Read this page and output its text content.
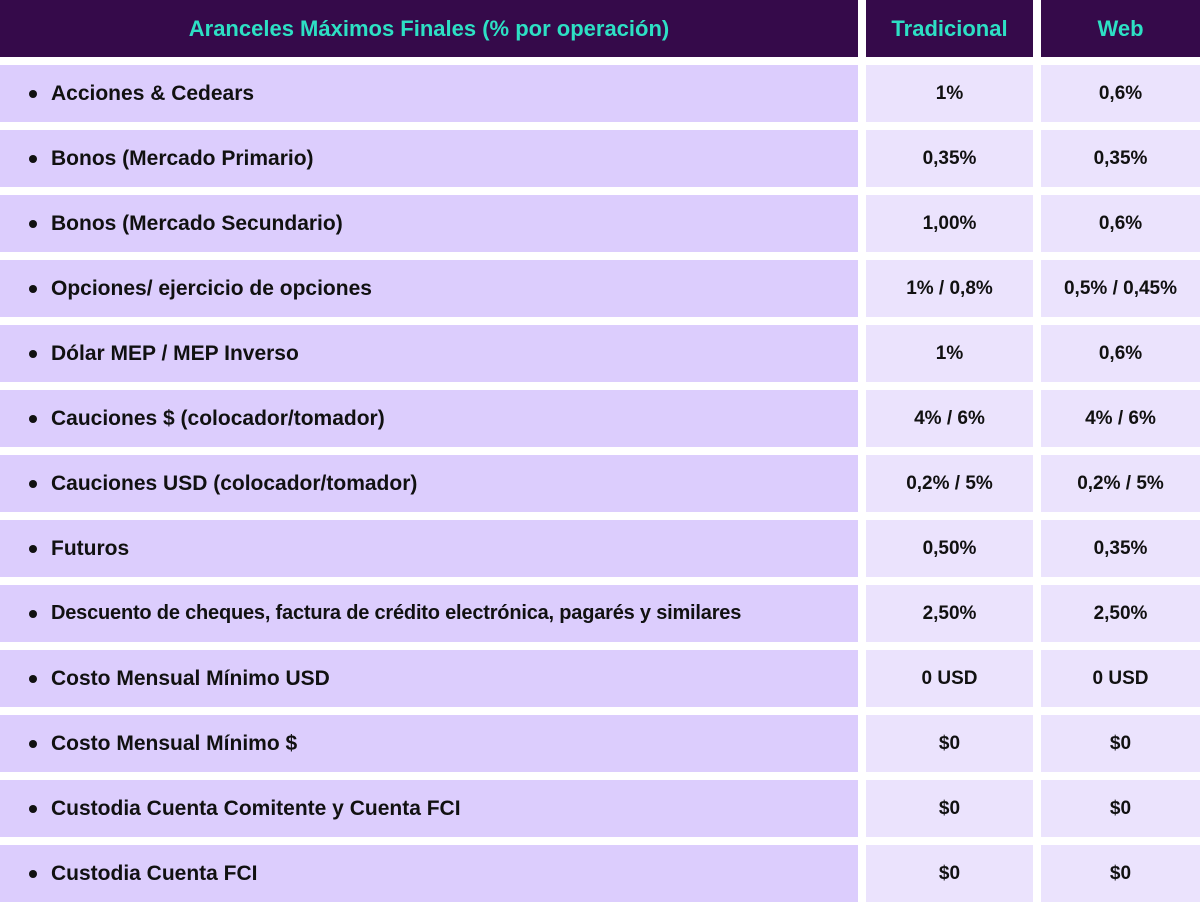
Aranceles Máximos Finales (% por operación)	Tradicional	Web
Acciones & Cedears	1%	0,6%
Bonos (Mercado Primario)	0,35%	0,35%
Bonos (Mercado Secundario)	1,00%	0,6%
Opciones/ ejercicio de opciones	1% / 0,8%	0,5% / 0,45%
Dólar MEP / MEP Inverso	1%	0,6%
Cauciones $ (colocador/tomador)	4% / 6%	4% / 6%
Cauciones USD (colocador/tomador)	0,2% / 5%	0,2% / 5%
Futuros	0,50%	0,35%
Descuento de cheques, factura de crédito electrónica, pagarés y similares	2,50%	2,50%
Costo Mensual Mínimo USD	0 USD	0 USD
Costo Mensual Mínimo $	$0	$0
Custodia Cuenta Comitente y Cuenta FCI	$0	$0
Custodia Cuenta FCI	$0	$0
